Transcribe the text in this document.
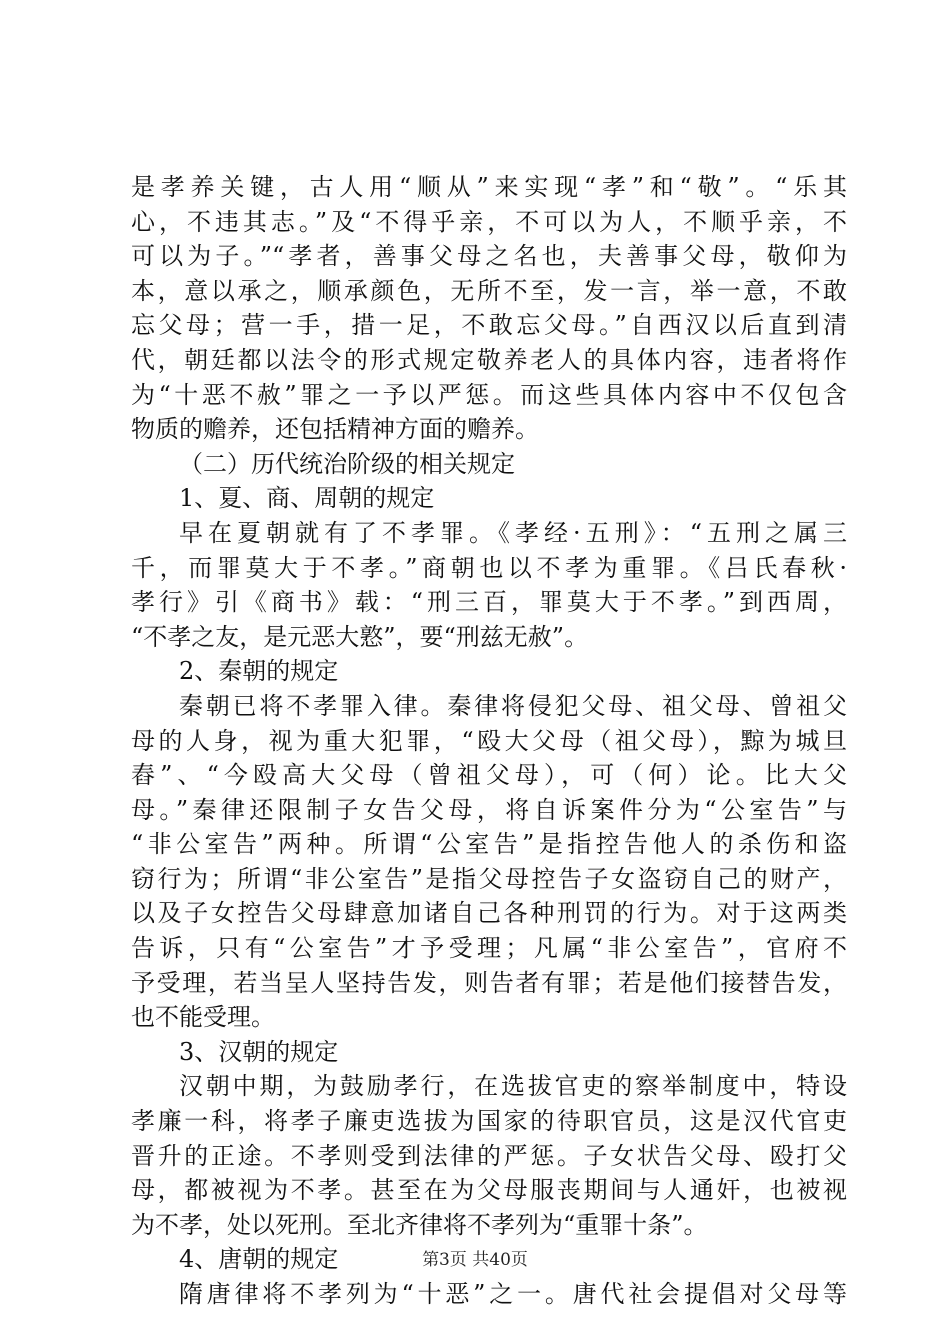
是孝养关键，古人用“顺从”来实现“孝”和“敬”。“乐其
心，不违其志。”及“不得乎亲，不可以为人，不顺乎亲，不
可以为子。”“孝者，善事父母之名也，夫善事父母，敬仰为
本，意以承之，顺承颜色，无所不至，发一言，举一意，不敢
忘父母；营一手，措一足，不敢忘父母。”自西汉以后直到清
代，朝廷都以法令的形式规定敬养老人的具体内容，违者将作
为“十恶不赦”罪之一予以严惩。而这些具体内容中不仅包含
物质的赡养，还包括精神方面的赡养。
（二）历代统治阶级的相关规定
1、夏、商、周朝的规定
早在夏朝就有了不孝罪。《孝经·五刑》：“五刑之属三
千，而罪莫大于不孝。”商朝也以不孝为重罪。《吕氏春秋·
孝行》引《商书》载：“刑三百，罪莫大于不孝。”到西周，
“不孝之友，是元恶大憝”，要“刑兹无赦”。
2、秦朝的规定
秦朝已将不孝罪入律。秦律将侵犯父母、祖父母、曾祖父
母的人身，视为重大犯罪，“殴大父母（祖父母），黥为城旦
舂”、“今殴高大父母（曾祖父母），可（何）论。比大父
母。”秦律还限制子女告父母，将自诉案件分为“公室告”与
“非公室告”两种。所谓“公室告”是指控告他人的杀伤和盗
窃行为；所谓“非公室告”是指父母控告子女盗窃自己的财产，
以及子女控告父母肆意加诸自己各种刑罚的行为。对于这两类
告诉，只有“公室告”才予受理；凡属“非公室告”，官府不
予受理，若当呈人坚持告发，则告者有罪；若是他们接替告发，
也不能受理。
3、汉朝的规定
汉朝中期，为鼓励孝行，在选拔官吏的察举制度中，特设
孝廉一科，将孝子廉吏选拔为国家的待职官员，这是汉代官吏
晋升的正途。不孝则受到法律的严惩。子女状告父母、殴打父
母，都被视为不孝。甚至在为父母服丧期间与人通奸，也被视
为不孝，处以死刑。至北齐律将不孝列为“重罪十条”。
4、唐朝的规定
隋唐律将不孝列为“十恶”之一。唐代社会提倡对父母等
第3页 共40页
